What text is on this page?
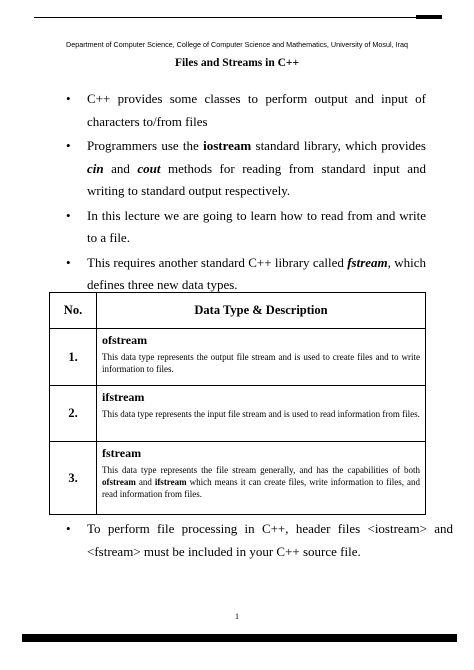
Department of Computer Science, College of Computer Science and Mathematics, University of Mosul, Iraq
Files and Streams in C++
• C++ provides some classes to perform output and input of characters to/from files
• Programmers use the iostream standard library, which provides cin and cout methods for reading from standard input and writing to standard output respectively.
• In this lecture we are going to learn how to read from and write to a file.
• This requires another standard C++ library called fstream, which defines three new data types.
No.	Data Type & Description
1.	ofstream
This data type represents the output file stream and is used to create files and to write information to files.

2.	ifstream
This data type represents the input file stream and is used to read information from files.

3.	fstream
This data type represents the file stream generally, and has the capabilities of both ofstream and ifstream which means it can create files, write information to files, and read information from files.
• To perform file processing in C++, header files <iostream> and <fstream> must be included in your C++ source file.
1
